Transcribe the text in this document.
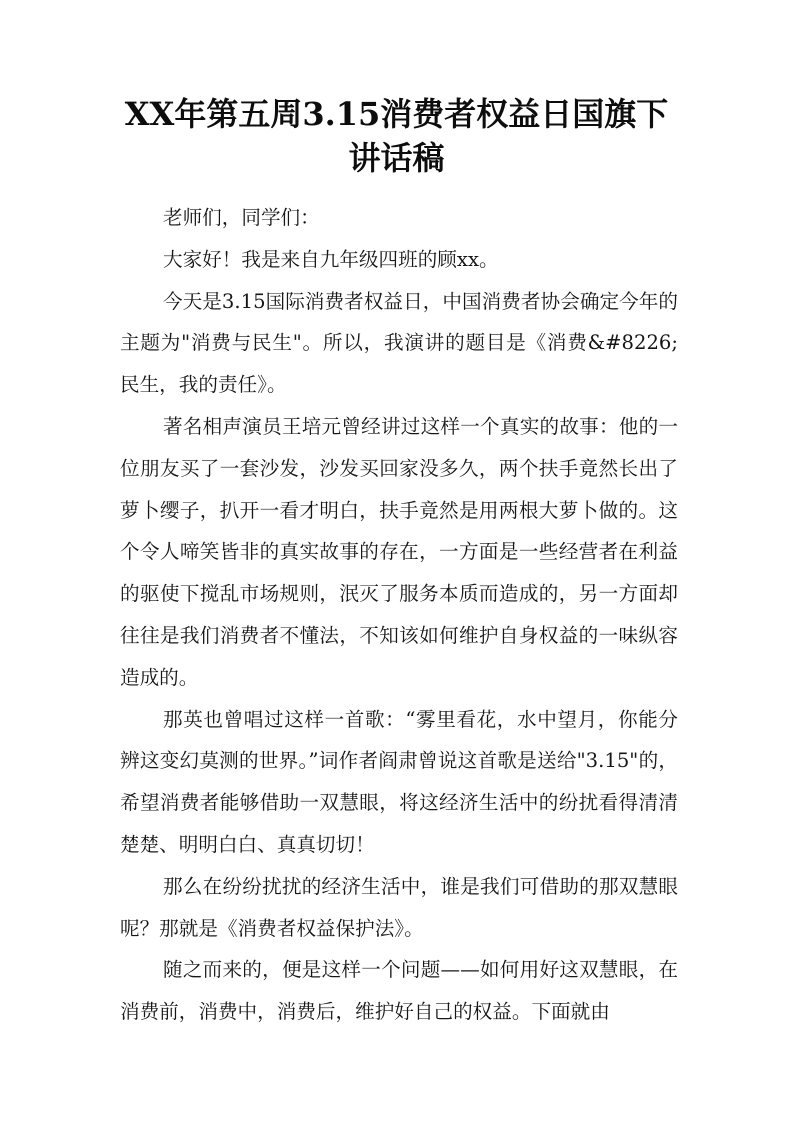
XX年第五周3.15消费者权益日国旗下
讲话稿

老师们，同学们：

大家好！我是来自九年级四班的顾xx。

今天是3.15国际消费者权益日，中国消费者协会确定今年的主题为"消费与民生"。所以，我演讲的题目是《消费&#8226;民生，我的责任》。

著名相声演员王培元曾经讲过这样一个真实的故事：他的一位朋友买了一套沙发，沙发买回家没多久，两个扶手竟然长出了萝卜缨子，扒开一看才明白，扶手竟然是用两根大萝卜做的。这个令人啼笑皆非的真实故事的存在，一方面是一些经营者在利益的驱使下搅乱市场规则，泯灭了服务本质而造成的，另一方面却往往是我们消费者不懂法，不知该如何维护自身权益的一味纵容造成的。

那英也曾唱过这样一首歌：“雾里看花，水中望月，你能分辨这变幻莫测的世界。”词作者阎肃曾说这首歌是送给"3.15"的，希望消费者能够借助一双慧眼，将这经济生活中的纷扰看得清清楚楚、明明白白、真真切切！

那么在纷纷扰扰的经济生活中，谁是我们可借助的那双慧眼呢？那就是《消费者权益保护法》。

随之而来的，便是这样一个问题——如何用好这双慧眼，在消费前，消费中，消费后，维护好自己的权益。下面就由
